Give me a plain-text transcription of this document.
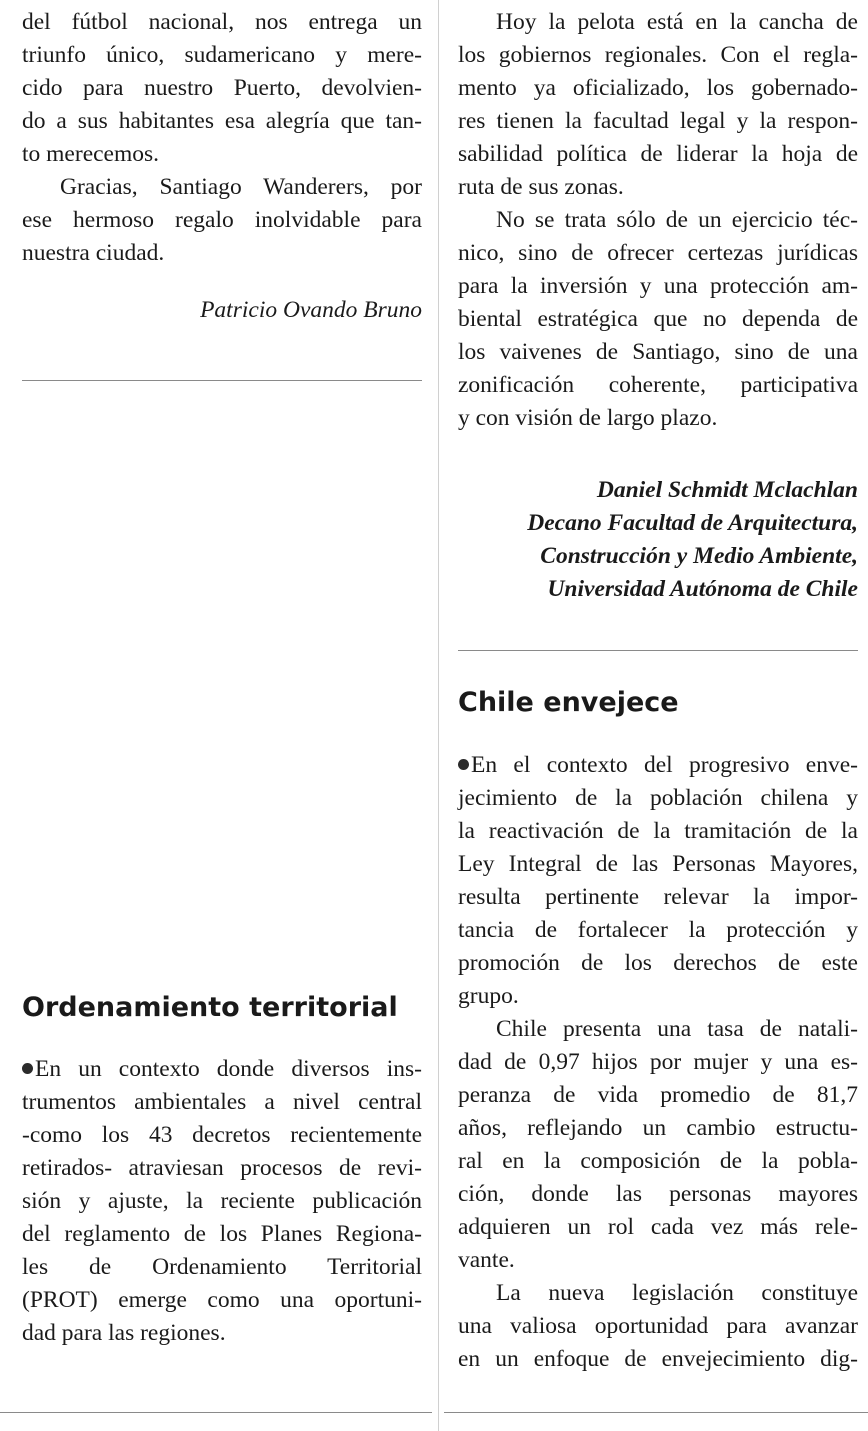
del fútbol nacional, nos entrega un
triunfo único, sudamericano y mere-
cido para nuestro Puerto, devolvien-
do a sus habitantes esa alegría que tan-
to merecemos.
Gracias, Santiago Wanderers, por
ese hermoso regalo inolvidable para
nuestra ciudad.
Patricio Ovando Bruno
Ordenamiento territorial
En un contexto donde diversos ins-
trumentos ambientales a nivel central
-como los 43 decretos recientemente
retirados- atraviesan procesos de revi-
sión y ajuste, la reciente publicación
del reglamento de los Planes Regiona-
les de Ordenamiento Territorial
(PROT) emerge como una oportuni-
dad para las regiones.
Hoy la pelota está en la cancha de
los gobiernos regionales. Con el regla-
mento ya oficializado, los gobernado-
res tienen la facultad legal y la respon-
sabilidad política de liderar la hoja de
ruta de sus zonas.
No se trata sólo de un ejercicio téc-
nico, sino de ofrecer certezas jurídicas
para la inversión y una protección am-
biental estratégica que no dependa de
los vaivenes de Santiago, sino de una
zonificación coherente, participativa
y con visión de largo plazo.
Daniel Schmidt Mclachlan
Decano Facultad de Arquitectura,
Construcción y Medio Ambiente,
Universidad Autónoma de Chile
Chile envejece
En el contexto del progresivo enve-
jecimiento de la población chilena y
la reactivación de la tramitación de la
Ley Integral de las Personas Mayores,
resulta pertinente relevar la impor-
tancia de fortalecer la protección y
promoción de los derechos de este
grupo.
Chile presenta una tasa de natali-
dad de 0,97 hijos por mujer y una es-
peranza de vida promedio de 81,7
años, reflejando un cambio estructu-
ral en la composición de la pobla-
ción, donde las personas mayores
adquieren un rol cada vez más rele-
vante.
La nueva legislación constituye
una valiosa oportunidad para avanzar
en un enfoque de envejecimiento dig-
